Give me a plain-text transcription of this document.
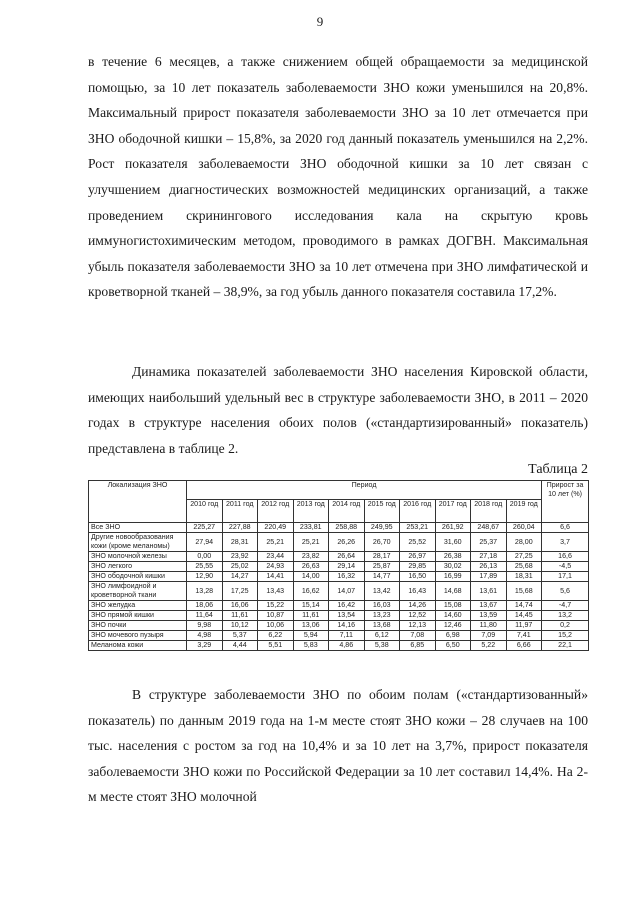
9

в течение 6 месяцев, а также снижением общей обращаемости за медицинской помощью, за 10 лет показатель заболеваемости ЗНО кожи уменьшился на 20,8%. Максимальный прирост показателя заболеваемости ЗНО за 10 лет отмечается при ЗНО ободочной кишки – 15,8%, за 2020 год данный показатель уменьшился на 2,2%. Рост показателя заболеваемости ЗНО ободочной кишки за 10 лет связан с улучшением диагностических возможностей медицинских организаций, а также проведением скринингового исследования кала на скрытую кровь иммуногистохимическим методом, проводимого в рамках ДОГВН. Максимальная убыль показателя заболеваемости ЗНО за 10 лет отмечена при ЗНО лимфатической и кроветворной тканей – 38,9%, за год убыль данного показателя составила 17,2%.

Динамика показателей заболеваемости ЗНО населения Кировской области, имеющих наибольший удельный вес в структуре заболеваемости ЗНО, в 2011 – 2020 годах в структуре населения обоих полов («стандартизированный» показатель) представлена в таблице 2.

Таблица 2
Локализация ЗНО	Период										Прирост за 10 лет (%)
	2010 год	2011 год	2012 год	2013 год	2014 год	2015 год	2016 год	2017 год	2018 год	2019 год	
Все ЗНО	225,27	227,88	220,49	233,81	258,88	249,95	253,21	261,92	248,67	260,04	6,6
Другие новообразования кожи (кроме меланомы)	27,94	28,31	25,21	25,21	26,26	26,70	25,52	31,60	25,37	28,00	3,7
ЗНО молочной железы	0,00	23,92	23,44	23,82	26,64	28,17	26,97	26,38	27,18	27,25	16,6
ЗНО легкого	25,55	25,02	24,93	26,63	29,14	25,87	29,85	30,02	26,13	25,68	-4,5
ЗНО ободочной кишки	12,90	14,27	14,41	14,00	16,32	14,77	16,50	16,99	17,89	18,31	17,1
ЗНО лимфоидной и кроветворной ткани	13,28	17,25	13,43	16,62	14,07	13,42	16,43	14,68	13,61	15,68	5,6
ЗНО желудка	18,06	16,06	15,22	15,14	16,42	16,03	14,26	15,08	13,67	14,74	-4,7
ЗНО прямой кишки	11,64	11,61	10,87	11,61	13,54	13,23	12,52	14,60	13,59	14,45	13,2
ЗНО почки	9,98	10,12	10,06	13,06	14,16	13,68	12,13	12,46	11,80	11,97	0,2
ЗНО мочевого пузыря	4,98	5,37	6,22	5,94	7,11	6,12	7,08	6,98	7,09	7,41	15,2
Меланома кожи	3,29	4,44	5,51	5,83	4,86	5,38	6,85	6,50	5,22	6,66	22,1

В структуре заболеваемости ЗНО по обоим полам («стандартизованный» показатель) по данным 2019 года на 1-м месте стоят ЗНО кожи – 28 случаев на 100 тыс. населения с ростом за год на 10,4% и за 10 лет на 3,7%, прирост показателя заболеваемости ЗНО кожи по Российской Федерации за 10 лет составил 14,4%. На 2-м месте стоят ЗНО молочной
